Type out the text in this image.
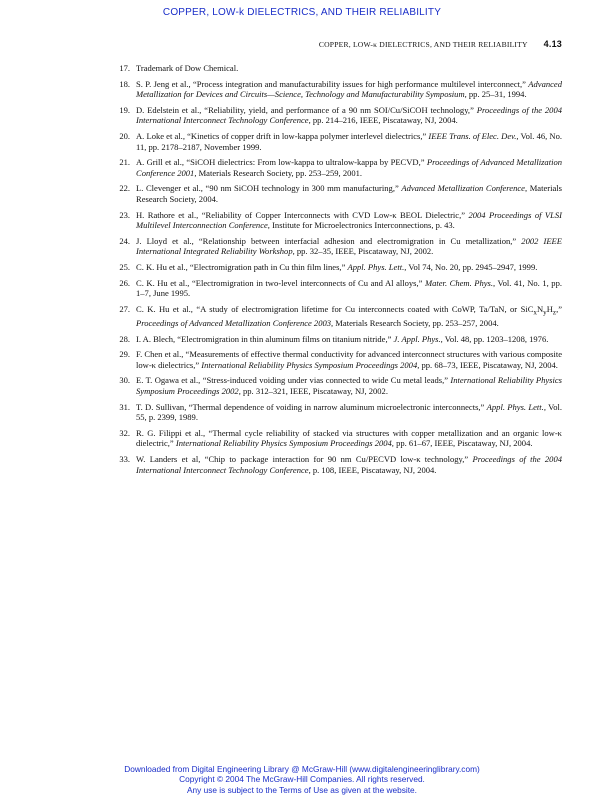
COPPER, LOW-k DIELECTRICS, AND THEIR RELIABILITY
COPPER, LOW-κ DIELECTRICS, AND THEIR RELIABILITY 4.13
17. Trademark of Dow Chemical.
18. S. P. Jeng et al., “Process integration and manufacturability issues for high performance multilevel interconnect,” Advanced Metallization for Devices and Circuits—Science, Technology and Manufacturability Symposium, pp. 25–31, 1994.
19. D. Edelstein et al., “Reliability, yield, and performance of a 90 nm SOI/Cu/SiCOH technology,” Proceedings of the 2004 International Interconnect Technology Conference, pp. 214–216, IEEE, Piscataway, NJ, 2004.
20. A. Loke et al., “Kinetics of copper drift in low-kappa polymer interlevel dielectrics,” IEEE Trans. of Elec. Dev., Vol. 46, No. 11, pp. 2178–2187, November 1999.
21. A. Grill et al., “SiCOH dielectrics: From low-kappa to ultralow-kappa by PECVD,” Proceedings of Advanced Metallization Conference 2001, Materials Research Society, pp. 253–259, 2001.
22. L. Clevenger et al., “90 nm SiCOH technology in 300 mm manufacturing,” Advanced Metallization Conference, Materials Research Society, 2004.
23. H. Rathore et al., “Reliability of Copper Interconnects with CVD Low-κ BEOL Dielectric,” 2004 Proceedings of VLSI Multilevel Interconnection Conference, Institute for Microelectronics Interconnections, p. 43.
24. J. Lloyd et al., “Relationship between interfacial adhesion and electromigration in Cu metallization,” 2002 IEEE International Integrated Reliability Workshop, pp. 32–35, IEEE, Piscataway, NJ, 2002.
25. C. K. Hu et al., “Electromigration path in Cu thin film lines,” Appl. Phys. Lett., Vol 74, No. 20, pp. 2945–2947, 1999.
26. C. K. Hu et al., “Electromigration in two-level interconnects of Cu and Al alloys,” Mater. Chem. Phys., Vol. 41, No. 1, pp. 1–7, June 1995.
27. C. K. Hu et al., “A study of electromigration lifetime for Cu interconnects coated with CoWP, Ta/TaN, or $SiC_xN_yH_z$,” Proceedings of Advanced Metallization Conference 2003, Materials Research Society, pp. 253–257, 2004.
28. I. A. Blech, “Electromigration in thin aluminum films on titanium nitride,” J. Appl. Phys., Vol. 48, pp. 1203–1208, 1976.
29. F. Chen et al., “Measurements of effective thermal conductivity for advanced interconnect structures with various composite low-κ dielectrics,” International Reliability Physics Symposium Proceedings 2004, pp. 68–73, IEEE, Piscataway, NJ, 2004.
30. E. T. Ogawa et al., “Stress-induced voiding under vias connected to wide Cu metal leads,” International Reliability Physics Symposium Proceedings 2002, pp. 312–321, IEEE, Piscataway, NJ, 2002.
31. T. D. Sullivan, “Thermal dependence of voiding in narrow aluminum microelectronic interconnects,” Appl. Phys. Lett., Vol. 55, p. 2399, 1989.
32. R. G. Filippi et al., “Thermal cycle reliability of stacked via structures with copper metallization and an organic low-κ dielectric,” International Reliability Physics Symposium Proceedings 2004, pp. 61–67, IEEE, Piscataway, NJ, 2004.
33. W. Landers et al, “Chip to package interaction for 90 nm Cu/PECVD low-κ technology,” Proceedings of the 2004 International Interconnect Technology Conference, p. 108, IEEE, Piscataway, NJ, 2004.
Downloaded from Digital Engineering Library @ McGraw-Hill (www.digitalengineeringlibrary.com)
Copyright © 2004 The McGraw-Hill Companies. All rights reserved.
Any use is subject to the Terms of Use as given at the website.
